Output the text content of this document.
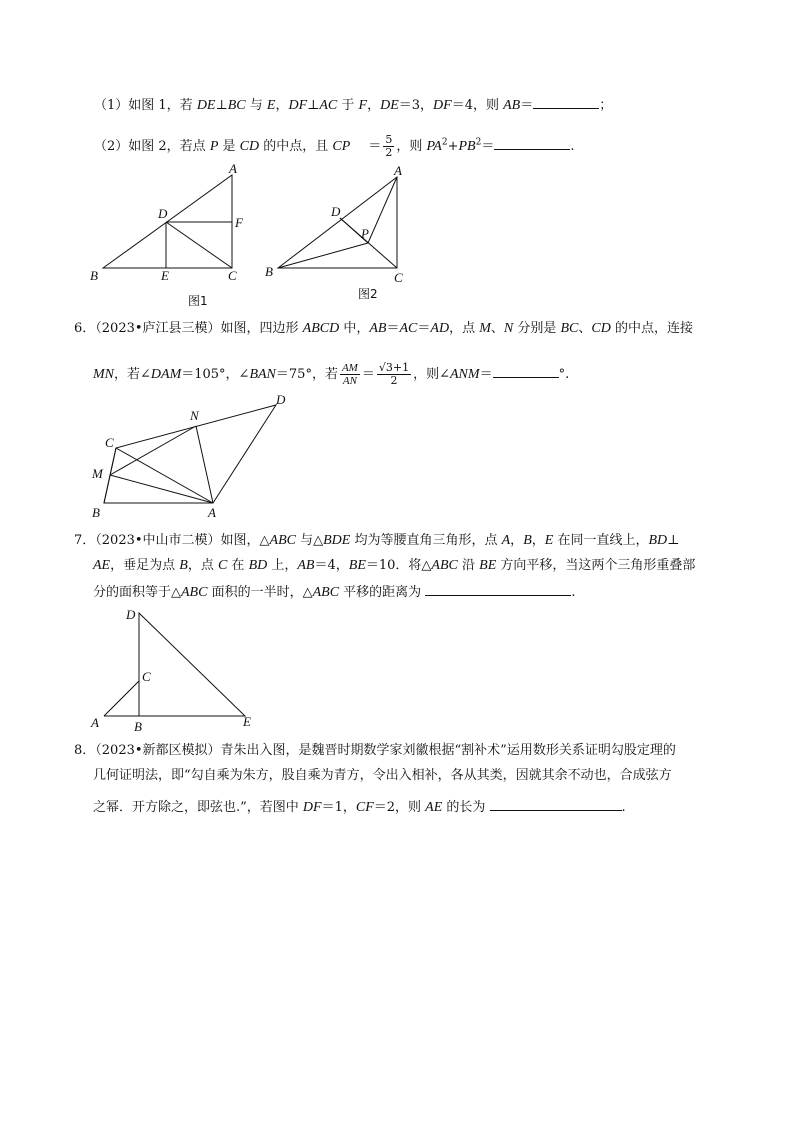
（1）如图 1，若 DE⊥BC 与 E，DF⊥AC 于 F，DE＝3，DF＝4，则 AB＝	；
（2）如图 2，若点 P 是 CD 的中点，且 CP ＝ $\frac{5}{2}$ ，则 $PA^2+PB^2=$	.
A
D
F
B	E	C
图1
A
D
P
B	C
图2
D
N
C
M
B	A
D
C
A	B	E
6．（2023•庐江县三模）如图，四边形 ABCD 中，AB＝AC＝AD，点 M、N 分别是 BC、CD 的中点，连接
MN，若∠DAM＝105°，∠BAN＝75°，若 $\frac{AM}{AN} = \frac{√3+1}{2}$ ，则∠ANM＝	°.
7．（2023•中山市二模）如图，△ABC 与△BDE 均为等腰直角三角形，点 A，B，E 在同一直线上，BD⊥
AE，垂足为点 B，点 C 在 BD 上，AB＝4，BE＝10．将△ABC 沿 BE 方向平移，当这两个三角形重叠部
分的面积等于△ABC 面积的一半时，△ABC 平移的距离为	.
8．（2023•新都区模拟）青朱出入图，是魏晋时期数学家刘徽根据“割补术”运用数形关系证明勾股定理的
几何证明法，即“勾自乘为朱方，股自乘为青方，令出入相补，各从其类，因就其余不动也，合成弦方
之幂．开方除之，即弦也.”，若图中 DF＝1，CF＝2，则 AE 的长为	.
